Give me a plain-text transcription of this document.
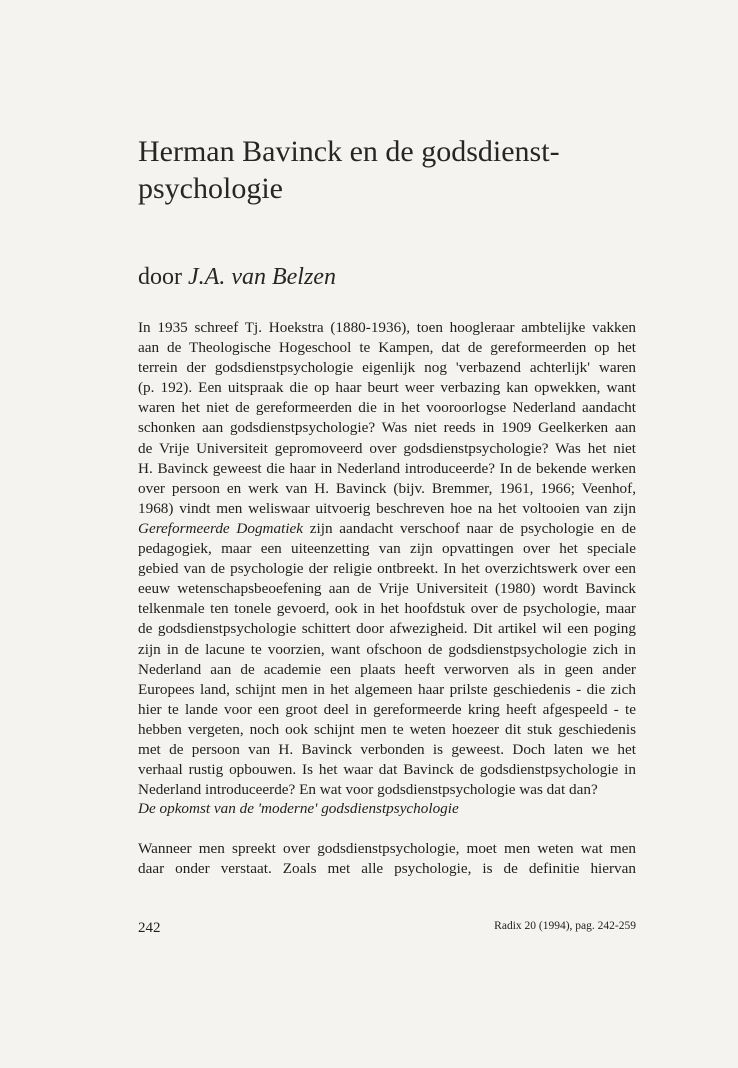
Herman Bavinck en de godsdienst-
psychologie

door J.A. van Belzen

In 1935 schreef Tj. Hoekstra (1880-1936), toen hoogleraar ambtelijke vakken
aan de Theologische Hogeschool te Kampen, dat de gereformeerden op het
terrein der godsdienstpsychologie eigenlijk nog 'verbazend achterlijk' waren
(p. 192). Een uitspraak die op haar beurt weer verbazing kan opwekken, want
waren het niet de gereformeerden die in het vooroorlogse Nederland aandacht
schonken aan godsdienstpsychologie? Was niet reeds in 1909 Geelkerken aan
de Vrije Universiteit gepromoveerd over godsdienstpsychologie? Was het niet
H. Bavinck geweest die haar in Nederland introduceerde? In de bekende werken
over persoon en werk van H. Bavinck (bijv. Bremmer, 1961, 1966; Veenhof,
1968) vindt men weliswaar uitvoerig beschreven hoe na het voltooien van zijn
Gereformeerde Dogmatiek zijn aandacht verschoof naar de psychologie en de
pedagogiek, maar een uiteenzetting van zijn opvattingen over het speciale
gebied van de psychologie der religie ontbreekt. In het overzichtswerk over een
eeuw wetenschapsbeoefening aan de Vrije Universiteit (1980) wordt Bavinck
telkenmale ten tonele gevoerd, ook in het hoofdstuk over de psychologie, maar
de godsdienstpsychologie schittert door afwezigheid. Dit artikel wil een poging
zijn in de lacune te voorzien, want ofschoon de godsdienstpsychologie zich in
Nederland aan de academie een plaats heeft verworven als in geen ander
Europees land, schijnt men in het algemeen haar prilste geschiedenis - die zich
hier te lande voor een groot deel in gereformeerde kring heeft afgespeeld - te
hebben vergeten, noch ook schijnt men te weten hoezeer dit stuk geschiedenis
met de persoon van H. Bavinck verbonden is geweest. Doch laten we het
verhaal rustig opbouwen. Is het waar dat Bavinck de godsdienstpsychologie in
Nederland introduceerde? En wat voor godsdienstpsychologie was dat dan?

De opkomst van de 'moderne' godsdienstpsychologie

Wanneer men spreekt over godsdienstpsychologie, moet men weten wat men
daar onder verstaat. Zoals met alle psychologie, is de definitie hiervan
242	Radix 20 (1994), pag. 242-259
